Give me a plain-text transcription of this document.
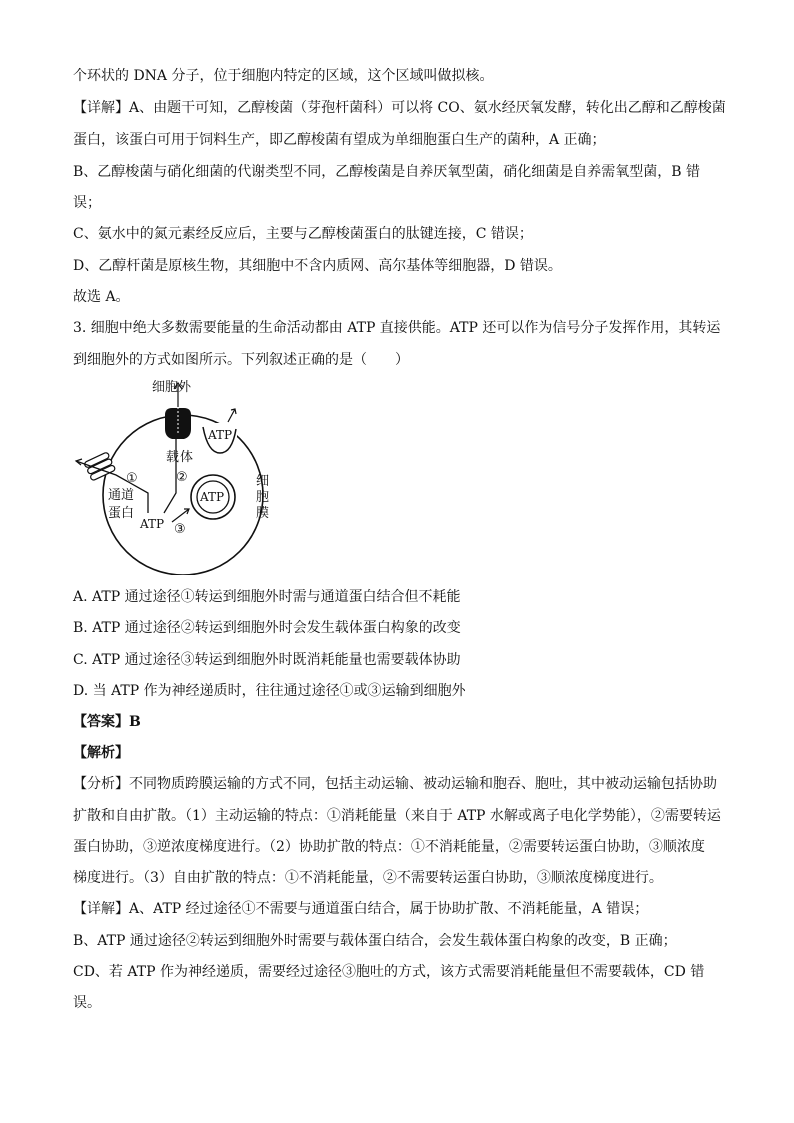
个环状的 DNA 分子，位于细胞内特定的区域，这个区域叫做拟核。
【详解】A、由题干可知，乙醇梭菌（芽孢杆菌科）可以将 CO、氨水经厌氧发酵，转化出乙醇和乙醇梭菌
蛋白，该蛋白可用于饲料生产，即乙醇梭菌有望成为单细胞蛋白生产的菌种，A 正确；
B、乙醇梭菌与硝化细菌的代谢类型不同，乙醇梭菌是自养厌氧型菌，硝化细菌是自养需氧型菌，B 错
误；
C、氨水中的氮元素经反应后，主要与乙醇梭菌蛋白的肽键连接，C 错误；
D、乙醇杆菌是原核生物，其细胞中不含内质网、高尔基体等细胞器，D 错误。
故选 A。
3. 细胞中绝大多数需要能量的生命活动都由 ATP 直接供能。ATP 还可以作为信号分子发挥作用，其转运
到细胞外的方式如图所示。下列叙述正确的是（　　）
细胞外
载 体
ATP
ATP
ATP
①	②
③
通道
蛋白
细
胞
膜
A. ATP 通过途径①转运到细胞外时需与通道蛋白结合但不耗能
B. ATP 通过途径②转运到细胞外时会发生载体蛋白构象的改变
C. ATP 通过途径③转运到细胞外时既消耗能量也需要载体协助
D. 当 ATP 作为神经递质时，往往通过途径①或③运输到细胞外
【答案】B
【解析】
【分析】不同物质跨膜运输的方式不同，包括主动运输、被动运输和胞吞、胞吐，其中被动运输包括协助
扩散和自由扩散。（1）主动运输的特点：①消耗能量（来自于 ATP 水解或离子电化学势能），②需要转运
蛋白协助，③逆浓度梯度进行。（2）协助扩散的特点：①不消耗能量，②需要转运蛋白协助，③顺浓度
梯度进行。（3）自由扩散的特点：①不消耗能量，②不需要转运蛋白协助，③顺浓度梯度进行。
【详解】A、ATP 经过途径①不需要与通道蛋白结合，属于协助扩散、不消耗能量，A 错误；
B、ATP 通过途径②转运到细胞外时需要与载体蛋白结合，会发生载体蛋白构象的改变，B 正确；
CD、若 ATP 作为神经递质，需要经过途径③胞吐的方式，该方式需要消耗能量但不需要载体，CD 错
误。
